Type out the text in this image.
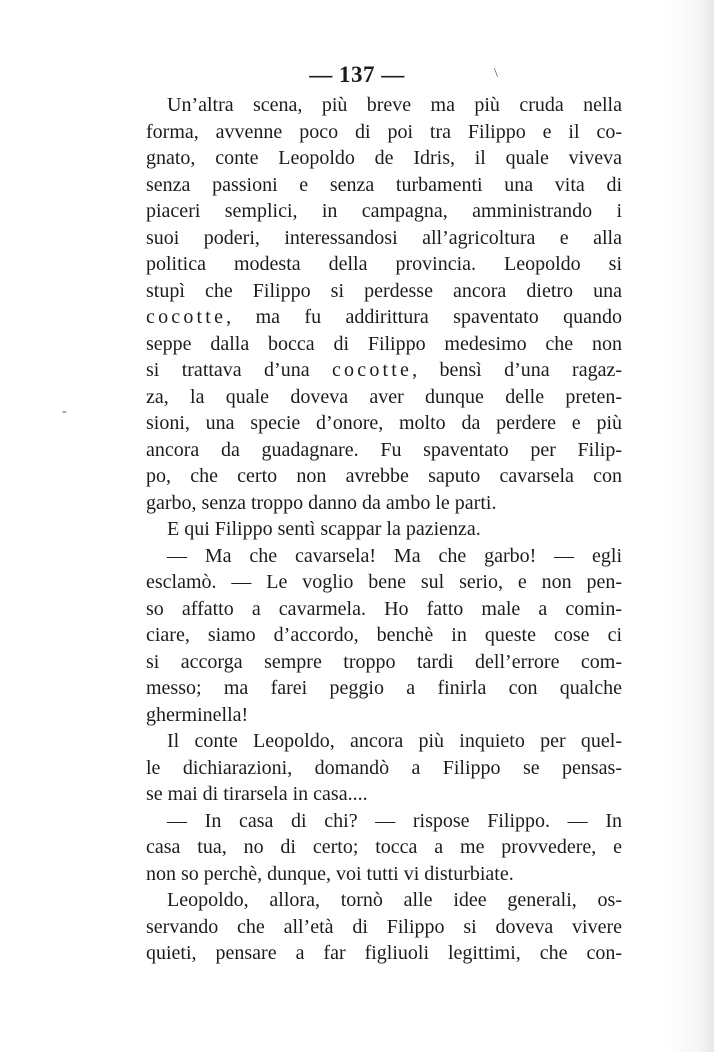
— 137 —
-
\
Un’altra scena, più breve ma più cruda nella
forma, avvenne poco di poi tra Filippo e il co-
gnato, conte Leopoldo de Idris, il quale viveva
senza passioni e senza turbamenti una vita di
piaceri semplici, in campagna, amministrando i
suoi poderi, interessandosi all’agricoltura e alla
politica modesta della provincia. Leopoldo si
stupì che Filippo si perdesse ancora dietro una
cocotte, ma fu addirittura spaventato quando
seppe dalla bocca di Filippo medesimo che non
si trattava d’una cocotte, bensì d’una ragaz-
za, la quale doveva aver dunque delle preten-
sioni, una specie d’onore, molto da perdere e più
ancora da guadagnare. Fu spaventato per Filip-
po, che certo non avrebbe saputo cavarsela con
garbo, senza troppo danno da ambo le parti.
E qui Filippo sentì scappar la pazienza.
— Ma che cavarsela! Ma che garbo! — egli
esclamò. — Le voglio bene sul serio, e non pen-
so affatto a cavarmela. Ho fatto male a comin-
ciare, siamo d’accordo, benchè in queste cose ci
si accorga sempre troppo tardi dell’errore com-
messo; ma farei peggio a finirla con qualche
gherminella!
Il conte Leopoldo, ancora più inquieto per quel-
le dichiarazioni, domandò a Filippo se pensas-
se mai di tirarsela in casa....
— In casa di chi? — rispose Filippo. — In
casa tua, no di certo; tocca a me provvedere, e
non so perchè, dunque, voi tutti vi disturbiate.
Leopoldo, allora, tornò alle idee generali, os-
servando che all’età di Filippo si doveva vivere
quieti, pensare a far figliuoli legittimi, che con-
